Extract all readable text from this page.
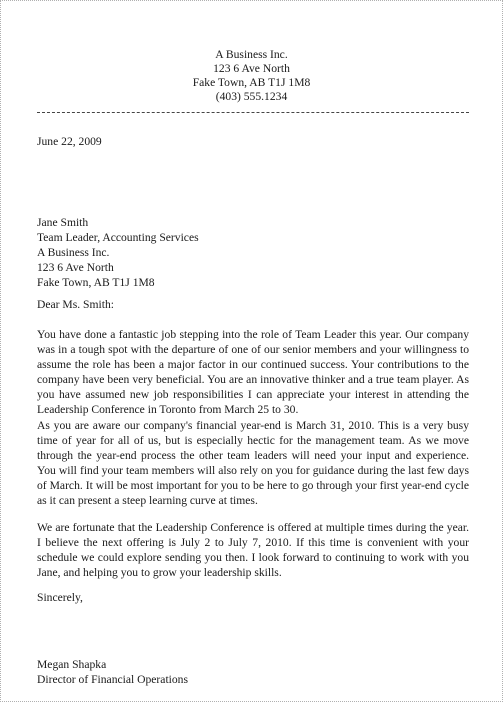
A Business Inc.
123 6 Ave North
Fake Town, AB T1J 1M8
(403) 555.1234
June 22, 2009
Jane Smith
Team Leader, Accounting Services
A Business Inc.
123 6 Ave North
Fake Town, AB T1J 1M8
Dear Ms. Smith:
You have done a fantastic job stepping into the role of Team Leader this year. Our company was in a tough spot with the departure of one of our senior members and your willingness to assume the role has been a major factor in our continued success. Your contributions to the company have been very beneficial. You are an innovative thinker and a true team player. As you have assumed new job responsibilities I can appreciate your interest in attending the Leadership Conference in Toronto from March 25 to 30.
As you are aware our company's financial year-end is March 31, 2010. This is a very busy time of year for all of us, but is especially hectic for the management team. As we move through the year-end process the other team leaders will need your input and experience. You will find your team members will also rely on you for guidance during the last few days of March. It will be most important for you to be here to go through your first year-end cycle as it can present a steep learning curve at times.
We are fortunate that the Leadership Conference is offered at multiple times during the year. I believe the next offering is July 2 to July 7, 2010. If this time is convenient with your schedule we could explore sending you then. I look forward to continuing to work with you Jane, and helping you to grow your leadership skills.
Sincerely,
Megan Shapka
Director of Financial Operations
